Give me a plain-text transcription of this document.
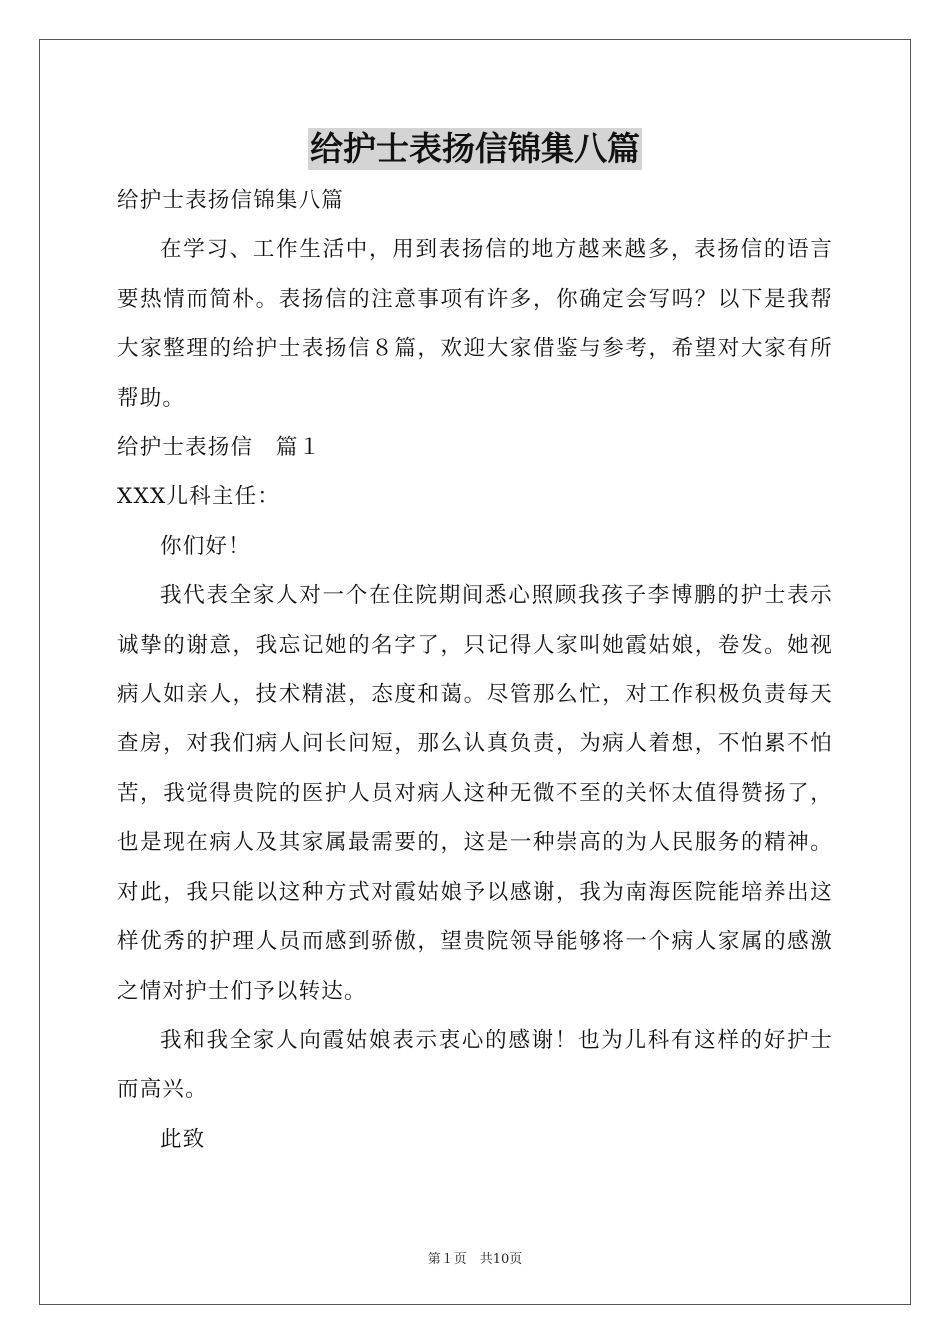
给护士表扬信锦集八篇

给护士表扬信锦集八篇

在学习、工作生活中，用到表扬信的地方越来越多，表扬信的语言要热情而简朴。表扬信的注意事项有许多，你确定会写吗？以下是我帮大家整理的给护士表扬信８篇，欢迎大家借鉴与参考，希望对大家有所帮助。

给护士表扬信　篇１

XXX儿科主任：

你们好！

我代表全家人对一个在住院期间悉心照顾我孩子李博鹏的护士表示诚挚的谢意，我忘记她的名字了，只记得人家叫她霞姑娘，卷发。她视病人如亲人，技术精湛，态度和蔼。尽管那么忙，对工作积极负责每天查房，对我们病人问长问短，那么认真负责，为病人着想，不怕累不怕苦，我觉得贵院的医护人员对病人这种无微不至的关怀太值得赞扬了，也是现在病人及其家属最需要的，这是一种崇高的为人民服务的精神。对此，我只能以这种方式对霞姑娘予以感谢，我为南海医院能培养出这样优秀的护理人员而感到骄傲，望贵院领导能够将一个病人家属的感激之情对护士们予以转达。

我和我全家人向霞姑娘表示衷心的感谢！也为儿科有这样的好护士而高兴。

此致

第１页　共10页
